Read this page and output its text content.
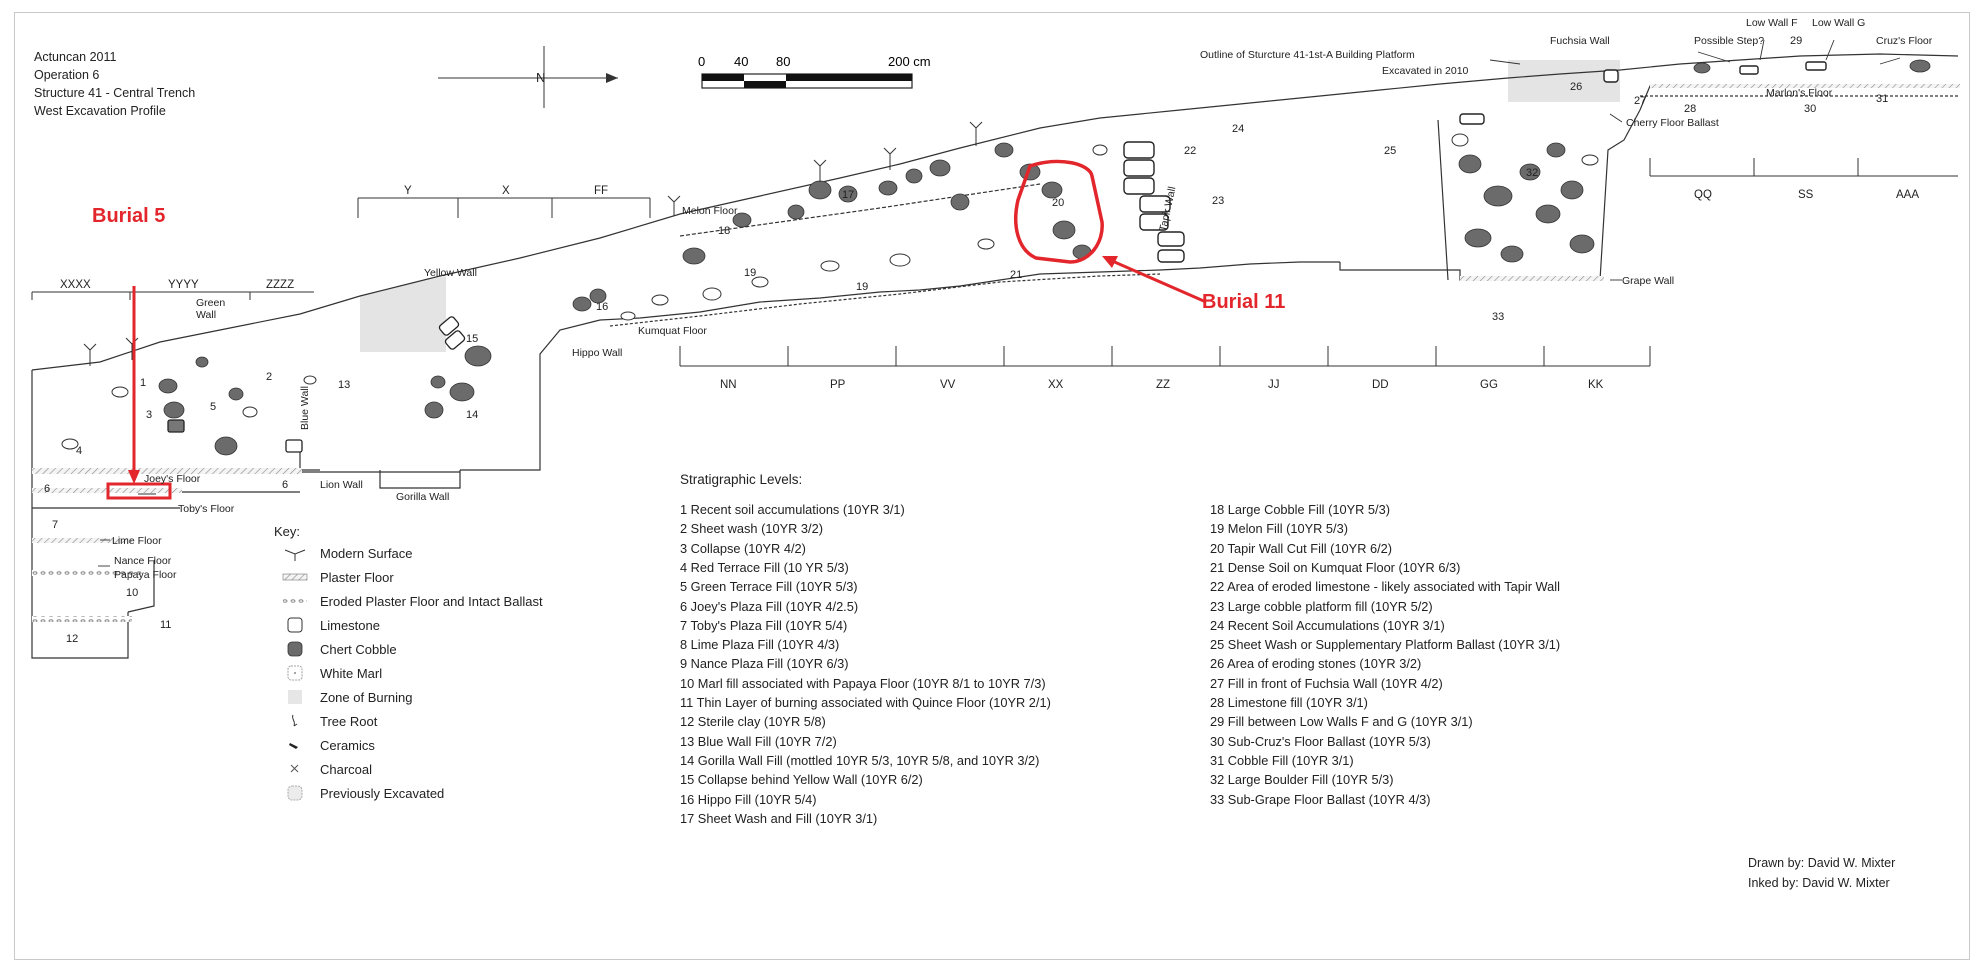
Actuncan 2011
Operation 6
Structure 41 - Central Trench
West Excavation Profile
N
0 40 80	200 cm
Burial 5
Burial 11
XXXX	YYYY	ZZZZ
Y	X	FF
NN	PP	VV	XX	ZZ	JJ	DD	GG	KK
QQ	SS	AAA
Green Wall
Yellow Wall
Blue Wall
Hippo Wall
Lion Wall
Gorilla Wall
Joey's Floor
Toby's Floor
Lime Floor
Nance Floor
Papaya Floor
Kumquat Floor
Melon Floor	Tapir Wall
Grape Wall
Cherry Floor Ballast
Outline of Sturcture 41-1st-A Building Platform
Excavated in 2010
Fuchsia Wall
Low Wall F Low Wall G
Possible Step?	Cruz's Floor
Marlon's Floor
1	2
3
4
5
6	6
7
10
11
12
13
14
15
16
17
18
19
19
20
21
22
23
24
25
26
27
28
29
30
31
32
33
Key:
Modern Surface
Plaster Floor
Eroded Plaster Floor and Intact Ballast
Limestone
Chert Cobble
White Marl
Zone of Burning
Tree Root
Ceramics
Charcoal
Previously Excavated
Stratigraphic Levels:
1 Recent soil accumulations (10YR 3/1)
2 Sheet wash (10YR 3/2)
3 Collapse (10YR 4/2)
4 Red Terrace Fill (10 YR 5/3)
5 Green Terrace Fill (10YR 5/3)
6 Joey's Plaza Fill (10YR 4/2.5)
7 Toby's Plaza Fill (10YR 5/4)
8 Lime Plaza Fill (10YR 4/3)
9 Nance Plaza Fill (10YR 6/3)
10 Marl fill associated with Papaya Floor (10YR 8/1 to 10YR 7/3)
11 Thin Layer of burning associated with Quince Floor (10YR 2/1)
12 Sterile clay (10YR 5/8)
13 Blue Wall Fill (10YR 7/2)
14 Gorilla Wall Fill (mottled 10YR 5/3, 10YR 5/8, and 10YR 3/2)
15 Collapse behind Yellow Wall (10YR 6/2)
16 Hippo Fill (10YR 5/4)
17 Sheet Wash and Fill (10YR 3/1)
18 Large Cobble Fill (10YR 5/3)
19 Melon Fill (10YR 5/3)
20 Tapir Wall Cut Fill (10YR 6/2)
21 Dense Soil on Kumquat Floor (10YR 6/3)
22 Area of eroded limestone - likely associated with Tapir Wall
23 Large cobble platform fill (10YR 5/2)
24 Recent Soil Accumulations (10YR 3/1)
25 Sheet Wash or Supplementary Platform Ballast (10YR 3/1)
26 Area of eroding stones (10YR 3/2)
27 Fill in front of Fuchsia Wall (10YR 4/2)
28 Limestone fill (10YR 3/1)
29 Fill between Low Walls F and G (10YR 3/1)
30 Sub-Cruz's Floor Ballast (10YR 5/3)
31 Cobble Fill (10YR 3/1)
32 Large Boulder Fill (10YR 5/3)
33 Sub-Grape Floor Ballast (10YR 4/3)
Drawn by: David W. Mixter
Inked by: David W. Mixter
